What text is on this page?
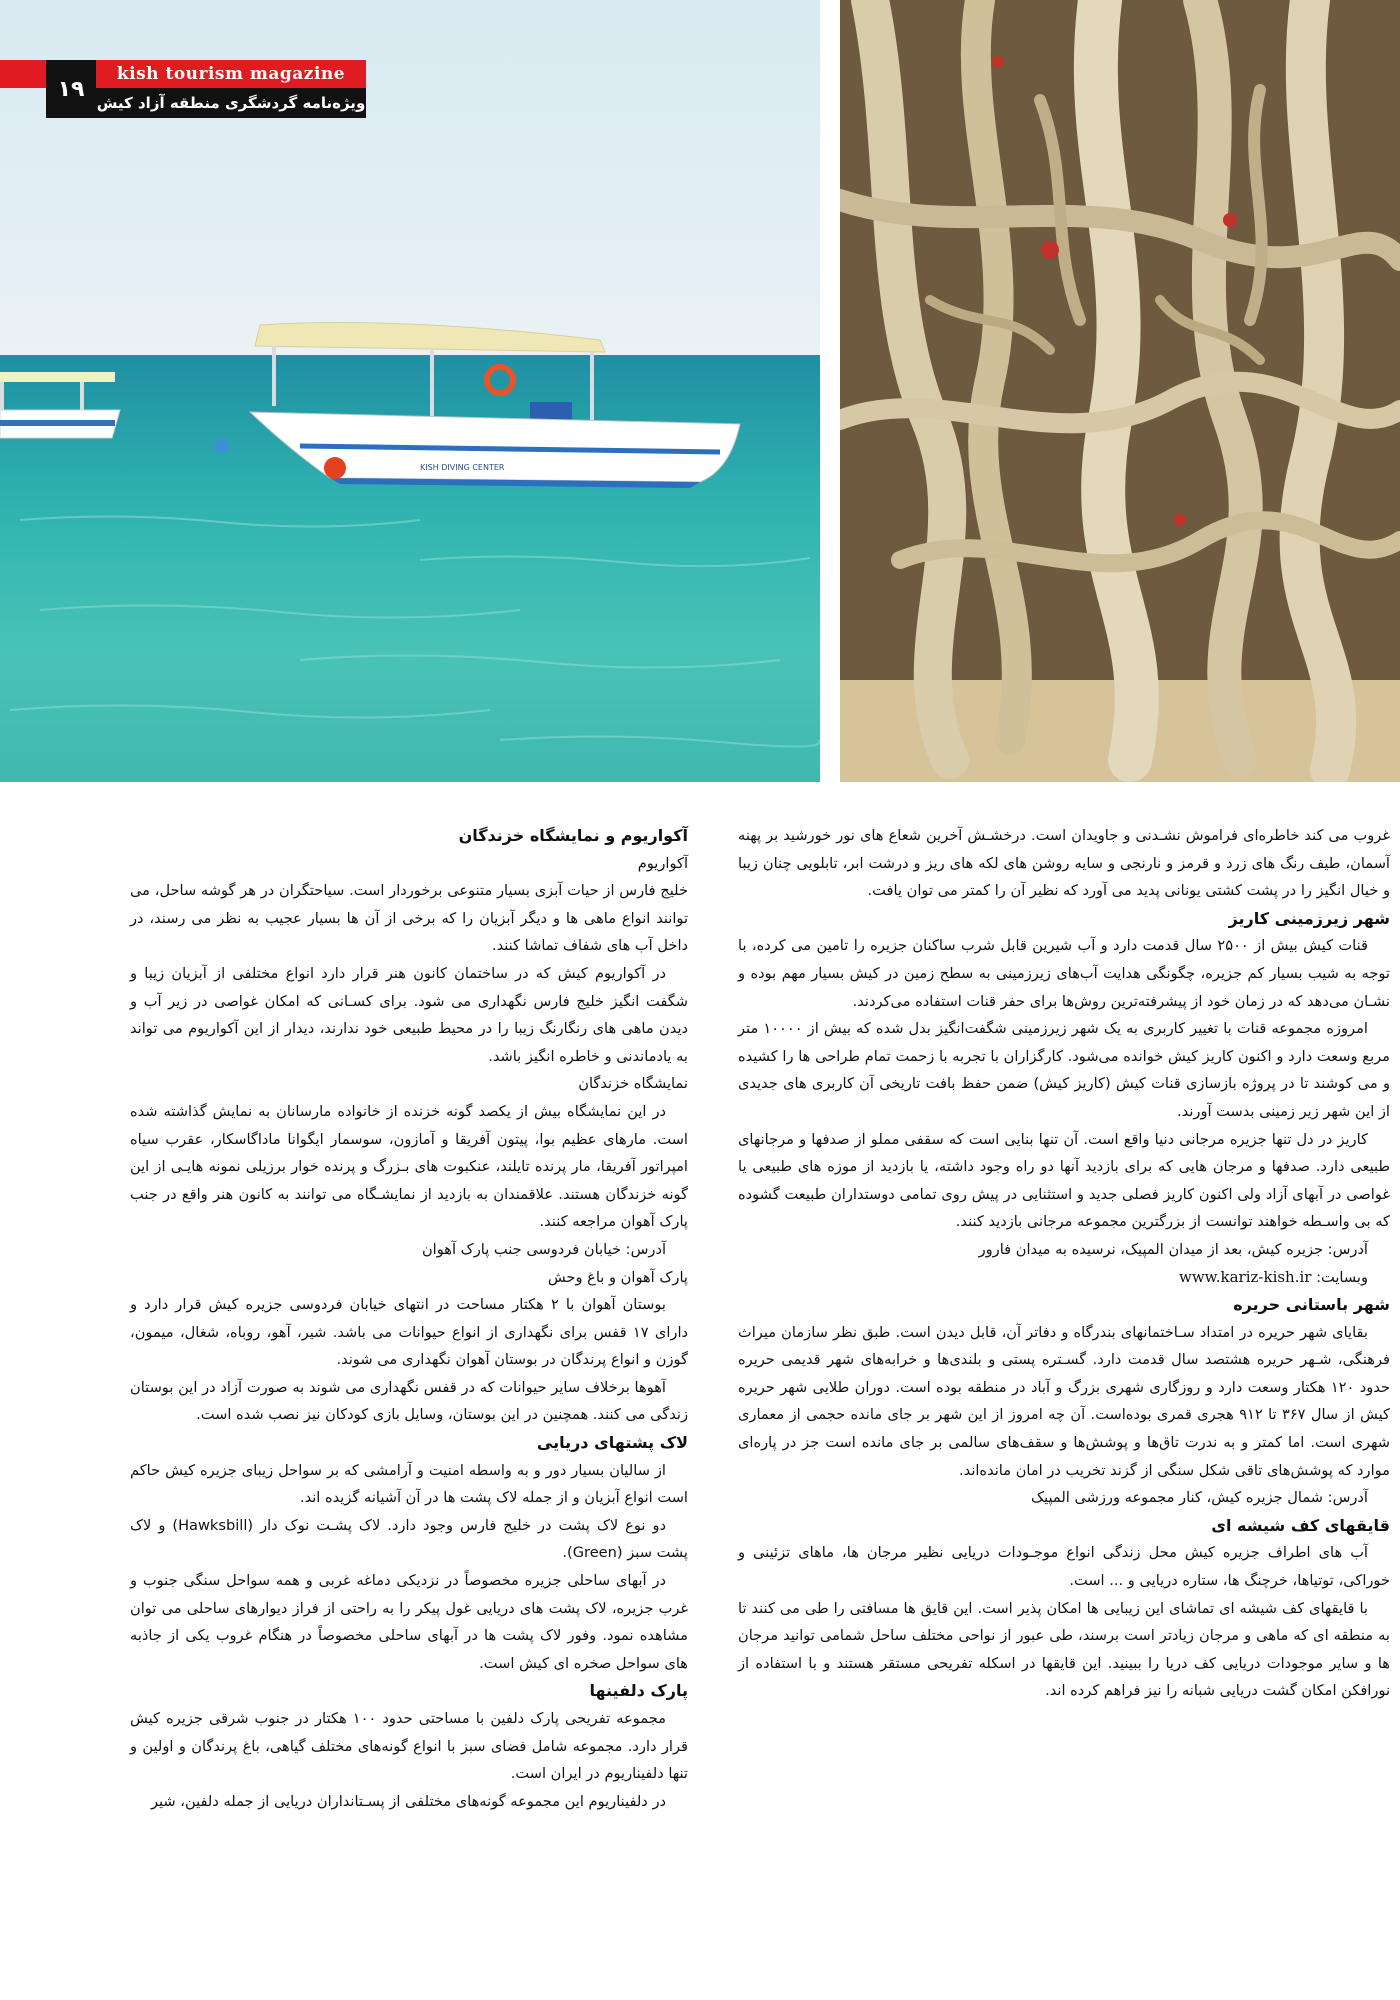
KISH DIVING CENTER
۱۹
kish tourism magazine
ویژه‌نامه گردشگری منطقه آزاد کیش

غروب می کند خاطره‌ای فراموش نشـدنی و جاویدان است. درخشـش آخرین شعاع های نور خورشید بر پهنه آسمان، طیف رنگ های زرد و قرمز و نارنجی و سایه روشن های لکه های ریز و درشت ابر، تابلویی چنان زیبا و خیال انگیز را در پشت کشتی یونانی پدید می آورد که نظیر آن را کمتر می توان یافت.

شهر زیرزمینی کاریز

قنات کیش بیش از ۲۵۰۰ سال قدمت دارد و آب شیرین قابل شرب ساکنان جزیره را تامین می کرده، با توجه به شیب بسیار کم جزیره، چگونگی هدایت آب‌های زیرزمینی به سطح زمین در کیش بسیار مهم بوده و نشـان می‌دهد که در زمان خود از پیشرفته‌ترین روش‌ها برای حفر قنات استفاده می‌کردند.

امروزه مجموعه قنات با تغییر کاربری به یک شهر زیرزمینی شگفت‌انگیز بدل شده که بیش از ۱۰۰۰۰ متر مربع وسعت دارد و اکنون کاریز کیش خوانده می‌شود. کارگزاران با تجربه با زحمت تمام طراحی ها را کشیده و می کوشند تا در پروژه بازسازی قنات کیش (کاریز کیش) ضمن حفظ بافت تاریخی آن کاربری های جدیدی از این شهر زیر زمینی بدست آورند.

کاریز در دل تنها جزیره مرجانی دنیا واقع است. آن تنها بنایی است که سقفی مملو از صدفها و مرجانهای طبیعی دارد. صدفها و مرجان هایی که برای بازدید آنها دو راه وجود داشته، یا بازدید از موزه های طبیعی یا غواصی در آبهای آزاد ولی اکنون کاریز فصلی جدید و استثنایی در پیش روی تمامی دوستداران طبیعت گشوده که بی واسـطه خواهند توانست از بزرگترین مجموعه مرجانی بازدید کنند.

آدرس: جزیره کیش، بعد از میدان المپیک، نرسیده به میدان فارور

وبسایت: www.kariz-kish.ir

شهر باستانی حریره

بقایای شهر حریره در امتداد سـاختمانهای بندرگاه و دفاتر آن، قابل دیدن است. طبق نظر سازمان میراث فرهنگی، شـهر حریره هشتصد سال قدمت دارد. گسـتره پستی و بلندی‌ها و خرابه‌های شهر قدیمی حریره حدود ۱۲۰ هکتار وسعت دارد و روزگاری شهری بزرگ و آباد در منطقه بوده است. دوران طلایی شهر حریره کیش از سال ۳۶۷ تا ۹۱۲ هجری قمری بوده‌است. آن چه امروز از این شهر بر جای مانده حجمی از معماری شهری است. اما کمتر و به ندرت تاق‌ها و پوشش‌ها و سقف‌های سالمی بر جای مانده است جز در پاره‌ای موارد که پوشش‌های تاقی شکل سنگی از گزند تخریب در امان مانده‌اند.

آدرس: شمال جزیره کیش، کنار مجموعه ورزشی المپیک

قایقهای کف شیشه ای

آب های اطراف جزیره کیش محل زندگی انواع موجـودات دریایی نظیر مرجان ها، ماهای تزئینی و خوراکی، توتیاها، خرچنگ ها، ستاره دریایی و ... است.

با قایقهای کف شیشه ای تماشای این زیبایی ها امکان پذیر است. این قایق ها مسافتی را طی می کنند تا به منطقه ای که ماهی و مرجان زیادتر است برسند، طی عبور از نواحی مختلف ساحل شمامی توانید مرجان ها و سایر موجودات دریایی کف دریا را ببینید. این قایقها در اسکله تفریحی مستقر هستند و با استفاده از نورافکن امکان گشت دریایی شبانه را نیز فراهم کرده اند.

آکواریوم و نمایشگاه خزندگان

آکواریوم

خلیج فارس از حیات آبزی بسیار متنوعی برخوردار است. سیاحتگران در هر گوشه ساحل، می توانند انواع ماهی ها و دیگر آبزیان را که برخی از آن ها بسیار عجیب به نظر می رسند، در داخل آب های شفاف تماشا کنند.

در آکواریوم کیش که در ساختمان کانون هنر قرار دارد انواع مختلفی از آبزیان زیبا و شگفت انگیز خلیج فارس نگهداری می شود. برای کسـانی که امکان غواصی در زیر آب و دیدن ماهی های رنگارنگ زیبا را در محیط طبیعی خود ندارند، دیدار از این آکواریوم می تواند به یادماندنی و خاطره انگیز باشد.

نمایشگاه خزندگان

در این نمایشگاه بیش از یکصد گونه خزنده از خانواده مارسانان به نمایش گذاشته شده است. مارهای عظیم بوا، پیتون آفریقا و آمازون، سوسمار ایگوانا ماداگاسکار، عقرب سیاه امپراتور آفریقا، مار پرنده تایلند، عنکبوت های بـزرگ و پرنده خوار برزیلی نمونه هایـی از این گونه خزندگان هستند. علاقمندان به بازدید از نمایشـگاه می توانند به کانون هنر واقع در جنب پارک آهوان مراجعه کنند.

آدرس: خیابان فردوسی جنب پارک آهوان

پارک آهوان و باغ وحش

بوستان آهوان با ۲ هکتار مساحت در انتهای خیابان فردوسی جزیره کیش قرار دارد و دارای ۱۷ قفس برای نگهداری از انواع حیوانات می باشد. شیر، آهو، روباه، شغال، میمون، گوزن و انواع پرندگان در بوستان آهوان نگهداری می شوند.

آهوها برخلاف سایر حیوانات که در قفس نگهداری می شوند به صورت آزاد در این بوستان زندگی می کنند. همچنین در این بوستان، وسایل بازی کودکان نیز نصب شده است.

لاک پشتهای دریایی

از سالیان بسیار دور و به واسطه امنیت و آرامشی که بر سواحل زیبای جزیره کیش حاکم است انواع آبزیان و از جمله لاک پشت ها در آن آشیانه گزیده اند.

دو نوع لاک پشت در خلیج فارس وجود دارد. لاک پشـت نوک دار (Hawksbill) و لاک پشت سبز (Green).

در آبهای ساحلی جزیره مخصوصاً در نزدیکی دماغه غربی و همه سواحل سنگی جنوب و غرب جزیره، لاک پشت های دریایی غول پیکر را به راحتی از فراز دیوارهای ساحلی می توان مشاهده نمود. وفور لاک پشت ها در آبهای ساحلی مخصوصاً در هنگام غروب یکی از جاذبه های سواحل صخره ای کیش است.

پارک دلفینها

مجموعه تفریحی پارک دلفین با مساحتی حدود ۱۰۰ هکتار در جنوب شرقی جزیره کیش قرار دارد. مجموعه شامل فضای سبز با انواع گونه‌های مختلف گیاهی، باغ پرندگان و اولین و تنها دلفیناریوم در ایران است.

در دلفیناریوم این مجموعه گونه‌های مختلفی از پسـتانداران دریایی از جمله دلفین، شیر
